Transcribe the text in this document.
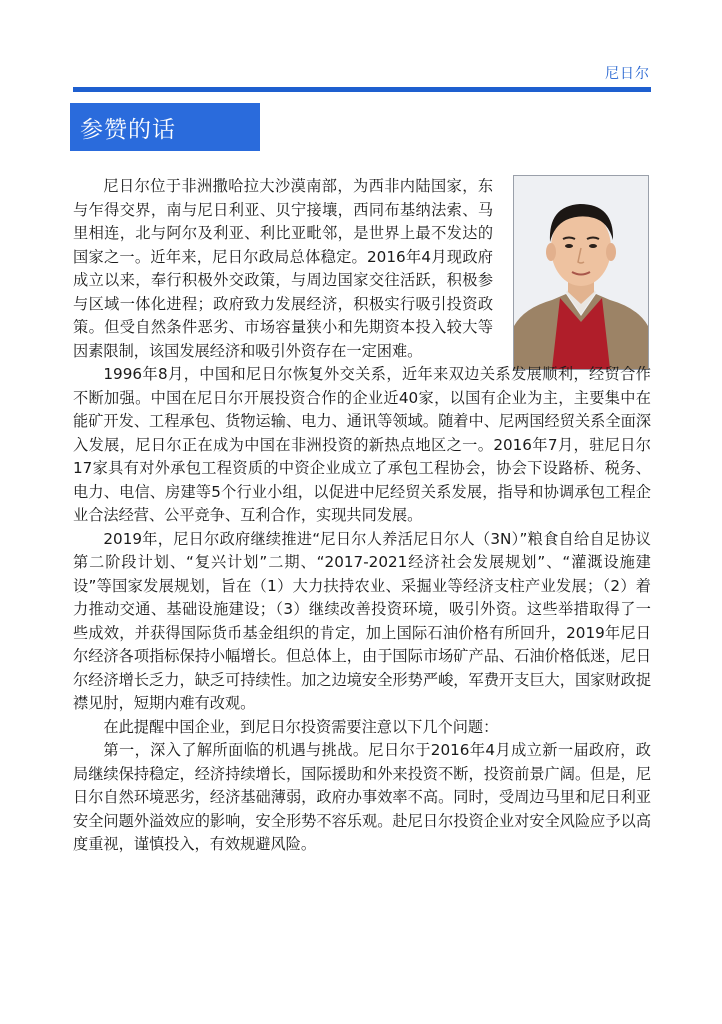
尼日尔
参赞的话

尼日尔位于非洲撒哈拉大沙漠南部，为西非内陆国家，东与乍得交界，南与尼日利亚、贝宁接壤，西同布基纳法索、马里相连，北与阿尔及利亚、利比亚毗邻，是世界上最不发达的国家之一。近年来，尼日尔政局总体稳定。2016年4月现政府成立以来，奉行积极外交政策，与周边国家交往活跃，积极参与区域一体化进程；政府致力发展经济，积极实行吸引投资政策。但受自然条件恶劣、市场容量狭小和先期资本投入较大等因素限制，该国发展经济和吸引外资存在一定困难。

1996年8月，中国和尼日尔恢复外交关系，近年来双边关系发展顺利，经贸合作不断加强。中国在尼日尔开展投资合作的企业近40家，以国有企业为主，主要集中在能矿开发、工程承包、货物运输、电力、通讯等领域。随着中、尼两国经贸关系全面深入发展，尼日尔正在成为中国在非洲投资的新热点地区之一。2016年7月，驻尼日尔17家具有对外承包工程资质的中资企业成立了承包工程协会，协会下设路桥、税务、电力、电信、房建等5个行业小组，以促进中尼经贸关系发展，指导和协调承包工程企业合法经营、公平竞争、互利合作，实现共同发展。

2019年，尼日尔政府继续推进“尼日尔人养活尼日尔人（3N）”粮食自给自足协议第二阶段计划、“复兴计划”二期、“2017-2021经济社会发展规划”、“灌溉设施建设”等国家发展规划，旨在（1）大力扶持农业、采掘业等经济支柱产业发展；（2）着力推动交通、基础设施建设；（3）继续改善投资环境，吸引外资。这些举措取得了一些成效，并获得国际货币基金组织的肯定，加上国际石油价格有所回升，2019年尼日尔经济各项指标保持小幅增长。但总体上，由于国际市场矿产品、石油价格低迷，尼日尔经济增长乏力，缺乏可持续性。加之边境安全形势严峻，军费开支巨大，国家财政捉襟见肘，短期内难有改观。

在此提醒中国企业，到尼日尔投资需要注意以下几个问题：

第一，深入了解所面临的机遇与挑战。尼日尔于2016年4月成立新一届政府，政局继续保持稳定，经济持续增长，国际援助和外来投资不断，投资前景广阔。但是，尼日尔自然环境恶劣，经济基础薄弱，政府办事效率不高。同时，受周边马里和尼日利亚安全问题外溢效应的影响，安全形势不容乐观。赴尼日尔投资企业对安全风险应予以高度重视，谨慎投入，有效规避风险。
